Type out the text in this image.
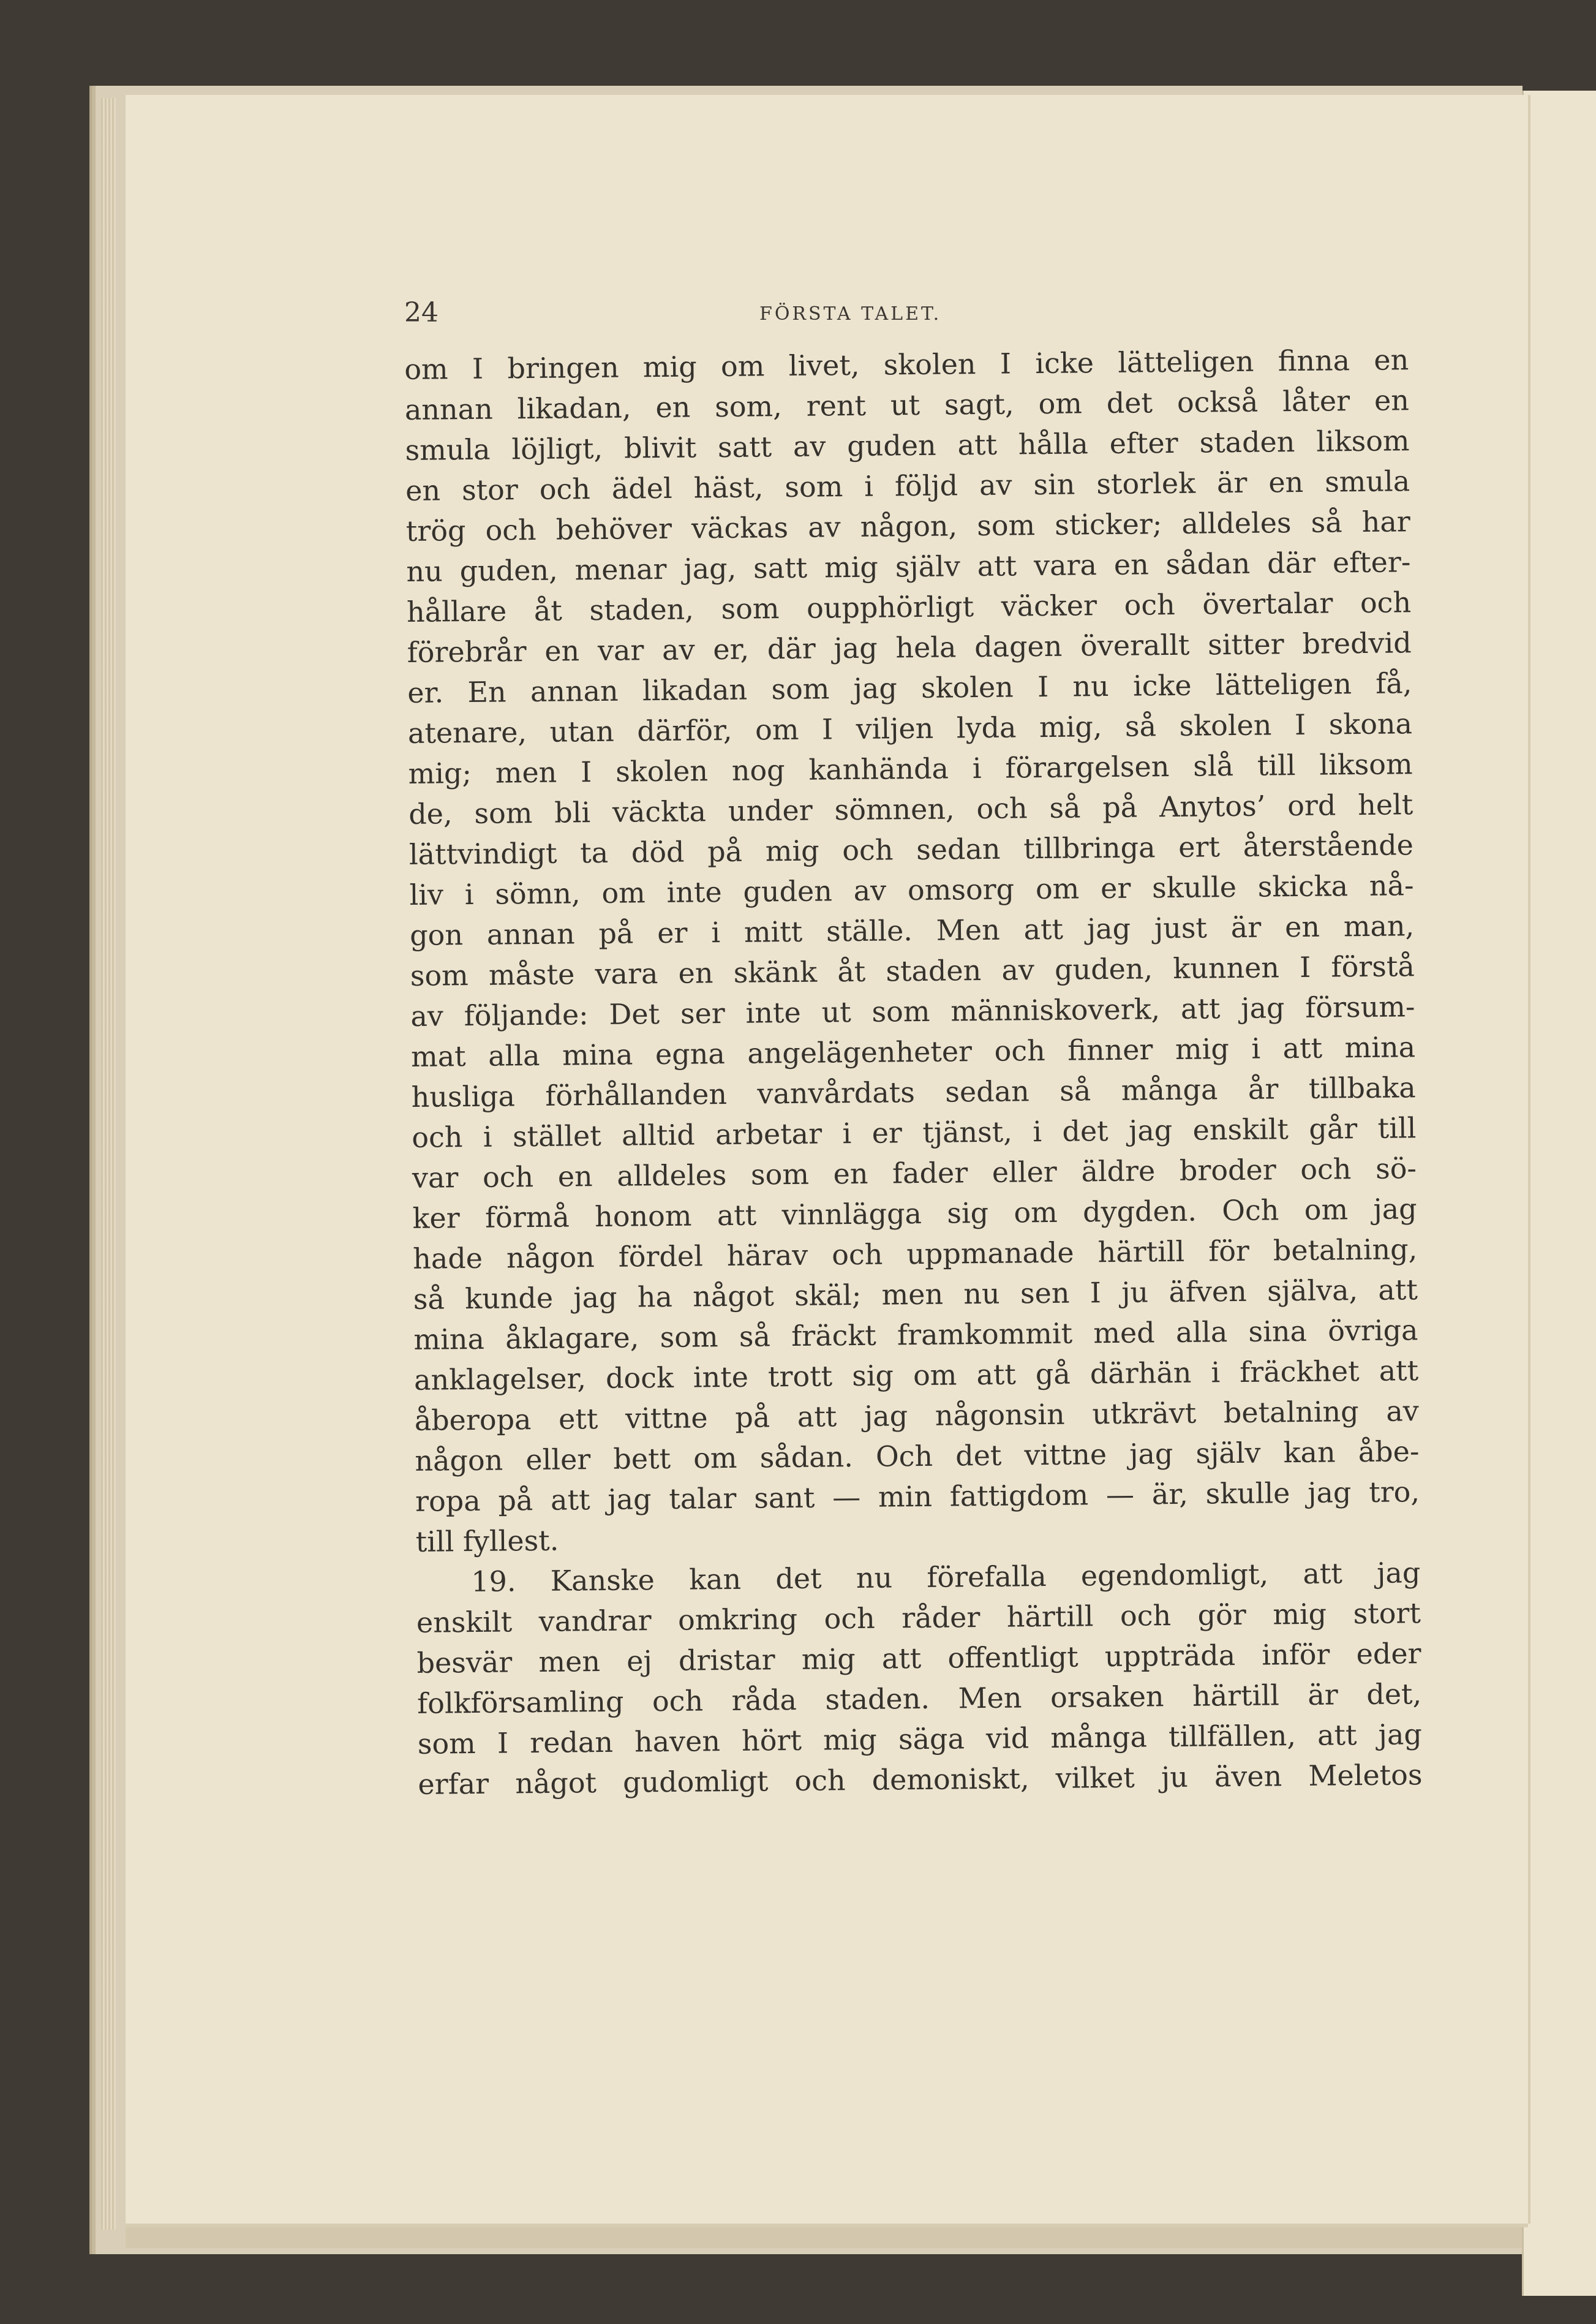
24	FÖRSTA TALET.
om I bringen mig om livet, skolen I icke lätteligen finna en
annan likadan, en som, rent ut sagt, om det också låter en
smula löjligt, blivit satt av guden att hålla efter staden liksom
en stor och ädel häst, som i följd av sin storlek är en smula
trög och behöver väckas av någon, som sticker; alldeles så har
nu guden, menar jag, satt mig själv att vara en sådan där efter-
hållare åt staden, som oupphörligt väcker och övertalar och
förebrår en var av er, där jag hela dagen överallt sitter bredvid
er. En annan likadan som jag skolen I nu icke lätteligen få,
atenare, utan därför, om I viljen lyda mig, så skolen I skona
mig; men I skolen nog kanhända i förargelsen slå till liksom
de, som bli väckta under sömnen, och så på Anytos’ ord helt
lättvindigt ta död på mig och sedan tillbringa ert återstående
liv i sömn, om inte guden av omsorg om er skulle skicka nå-
gon annan på er i mitt ställe. Men att jag just är en man,
som måste vara en skänk åt staden av guden, kunnen I förstå
av följande: Det ser inte ut som människoverk, att jag försum-
mat alla mina egna angelägenheter och finner mig i att mina
husliga förhållanden vanvårdats sedan så många år tillbaka
och i stället alltid arbetar i er tjänst, i det jag enskilt går till
var och en alldeles som en fader eller äldre broder och sö-
ker förmå honom att vinnlägga sig om dygden. Och om jag
hade någon fördel härav och uppmanade härtill för betalning,
så kunde jag ha något skäl; men nu sen I ju äfven själva, att
mina åklagare, som så fräckt framkommit med alla sina övriga
anklagelser, dock inte trott sig om att gå därhän i fräckhet att
åberopa ett vittne på att jag någonsin utkrävt betalning av
någon eller bett om sådan. Och det vittne jag själv kan åbe-
ropa på att jag talar sant — min fattigdom — är, skulle jag tro,
till fyllest.
19. Kanske kan det nu förefalla egendomligt, att jag
enskilt vandrar omkring och råder härtill och gör mig stort
besvär men ej dristar mig att offentligt uppträda inför eder
folkförsamling och råda staden. Men orsaken härtill är det,
som I redan haven hört mig säga vid många tillfällen, att jag
erfar något gudomligt och demoniskt, vilket ju även Meletos
